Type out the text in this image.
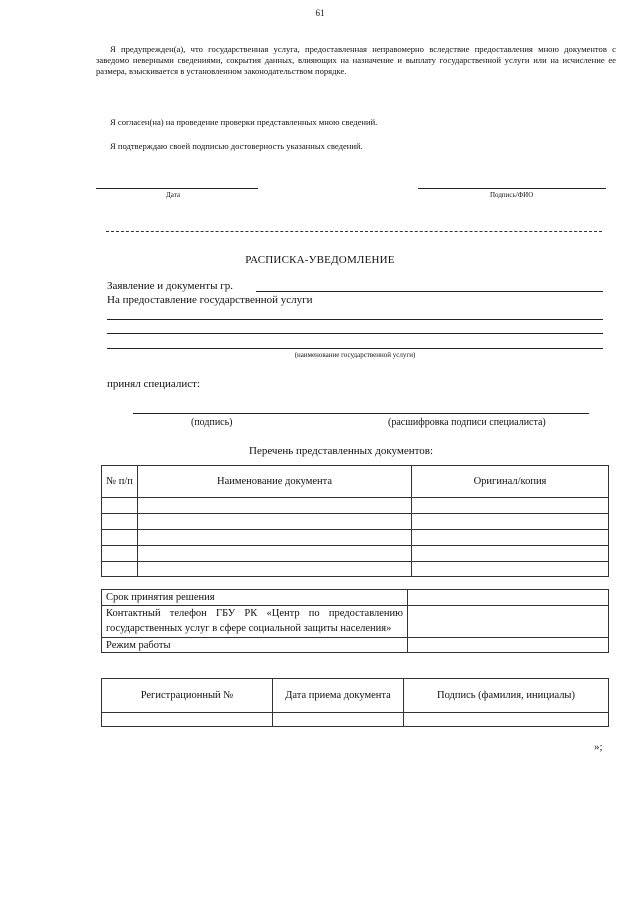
61
Я предупрежден(а), что государственная услуга, предоставленная неправомерно вследствие предоставления мною документов с заведомо неверными сведениями, сокрытия данных, влияющих на назначение и выплату государственной услуги или на исчисление ее размера, взыскивается в установленном законодательством порядке.
Я согласен(на) на проведение проверки представленных мною сведений.
Я подтверждаю своей подписью достоверность указанных сведений.
Дата	Подпись/ФИО
РАСПИСКА-УВЕДОМЛЕНИЕ
Заявление и документы гр.
На предоставление государственной услуги
(наименование государственной услуги)
принял специалист:
(подпись)	(расшифровка подписи специалиста)
Перечень представленных документов:
№ п/п	Наименование документа	Оригинал/копия

Срок принятия решения	
Контактный телефон ГБУ РК «Центр по предоставлению государственных услуг в сфере социальной защиты населения»	
Режим работы	
Регистрационный №	Дата приема документа	Подпись (фамилия, инициалы)

»;
